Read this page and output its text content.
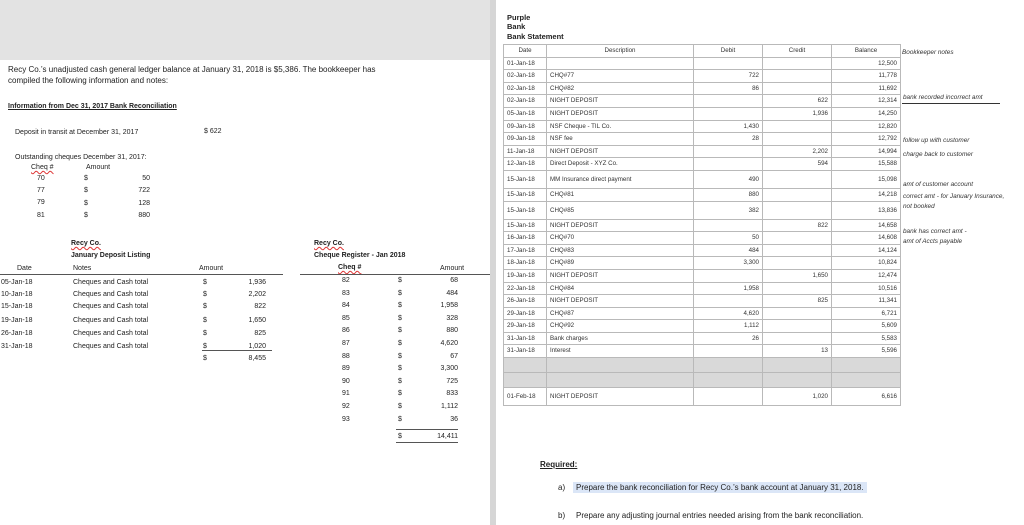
Recy Co.’s unadjusted cash general ledger balance at January 31, 2018 is $5,386. The bookkeeper has
compiled the following information and notes:
Information from Dec 31, 2017 Bank Reconciliation
Deposit in transit at December 31, 2017	$ 622
Outstanding cheques December 31, 2017:
Cheq #	Amount
70	$	50
77	$	722
79	$	128
81	$	880
Recy Co.
January Deposit Listing
Date	Notes	Amount
05-Jan-18	Cheques and Cash total	$	1,936
10-Jan-18	Cheques and Cash total	$	2,202
15-Jan-18	Cheques and Cash total	$	822
19-Jan-18	Cheques and Cash total	$	1,650
26-Jan-18	Cheques and Cash total	$	825
31-Jan-18	Cheques and Cash total	$	1,020
$	8,455
Recy Co.
Cheque Register - Jan 2018
Cheq #	Amount
82	$	68
83	$	484
84	$	1,958
85	$	328
86	$	880
87	$	4,620
88	$	67
89	$	3,300
90	$	725
91	$	833
92	$	1,112
93	$	36
$	14,411
Purple
Bank
Bank Statement
Date	Description	Debit	Credit	Balance
01-Jan-18				12,500
02-Jan-18	CHQ#77	722		11,778
02-Jan-18	CHQ#82	86		11,692
02-Jan-18	NIGHT DEPOSIT		622	12,314
05-Jan-18	NIGHT DEPOSIT		1,936	14,250
09-Jan-18	NSF Cheque - TIL Co.	1,430		12,820
09-Jan-18	NSF fee	28		12,792
11-Jan-18	NIGHT DEPOSIT		2,202	14,994
12-Jan-18	Direct Deposit - XYZ Co.		594	15,588
15-Jan-18	MM Insurance direct payment	490		15,098
15-Jan-18	CHQ#81	880		14,218
15-Jan-18	CHQ#85	382		13,836
15-Jan-18	NIGHT DEPOSIT		822	14,658
16-Jan-18	CHQ#70	50		14,608
17-Jan-18	CHQ#83	484		14,124
18-Jan-18	CHQ#89	3,300		10,824
19-Jan-18	NIGHT DEPOSIT		1,650	12,474
22-Jan-18	CHQ#84	1,958		10,516
26-Jan-18	NIGHT DEPOSIT		825	11,341
29-Jan-18	CHQ#87	4,620		6,721
29-Jan-18	CHQ#92	1,112		5,609
31-Jan-18	Bank charges	26		5,583
31-Jan-18	Interest		13	5,596

01-Feb-18	NIGHT DEPOSIT		1,020	6,616
Bookkeeper notes
bank recorded incorrect amt
follow up with customer
charge back to customer
amt of customer account
correct amt - for January Insurance,
not booked
bank has correct amt -
amt of Accts payable
Required:
a)	Prepare the bank reconciliation for Recy Co.’s bank account at January 31, 2018.
b) Prepare any adjusting journal entries needed arising from the bank reconciliation.
